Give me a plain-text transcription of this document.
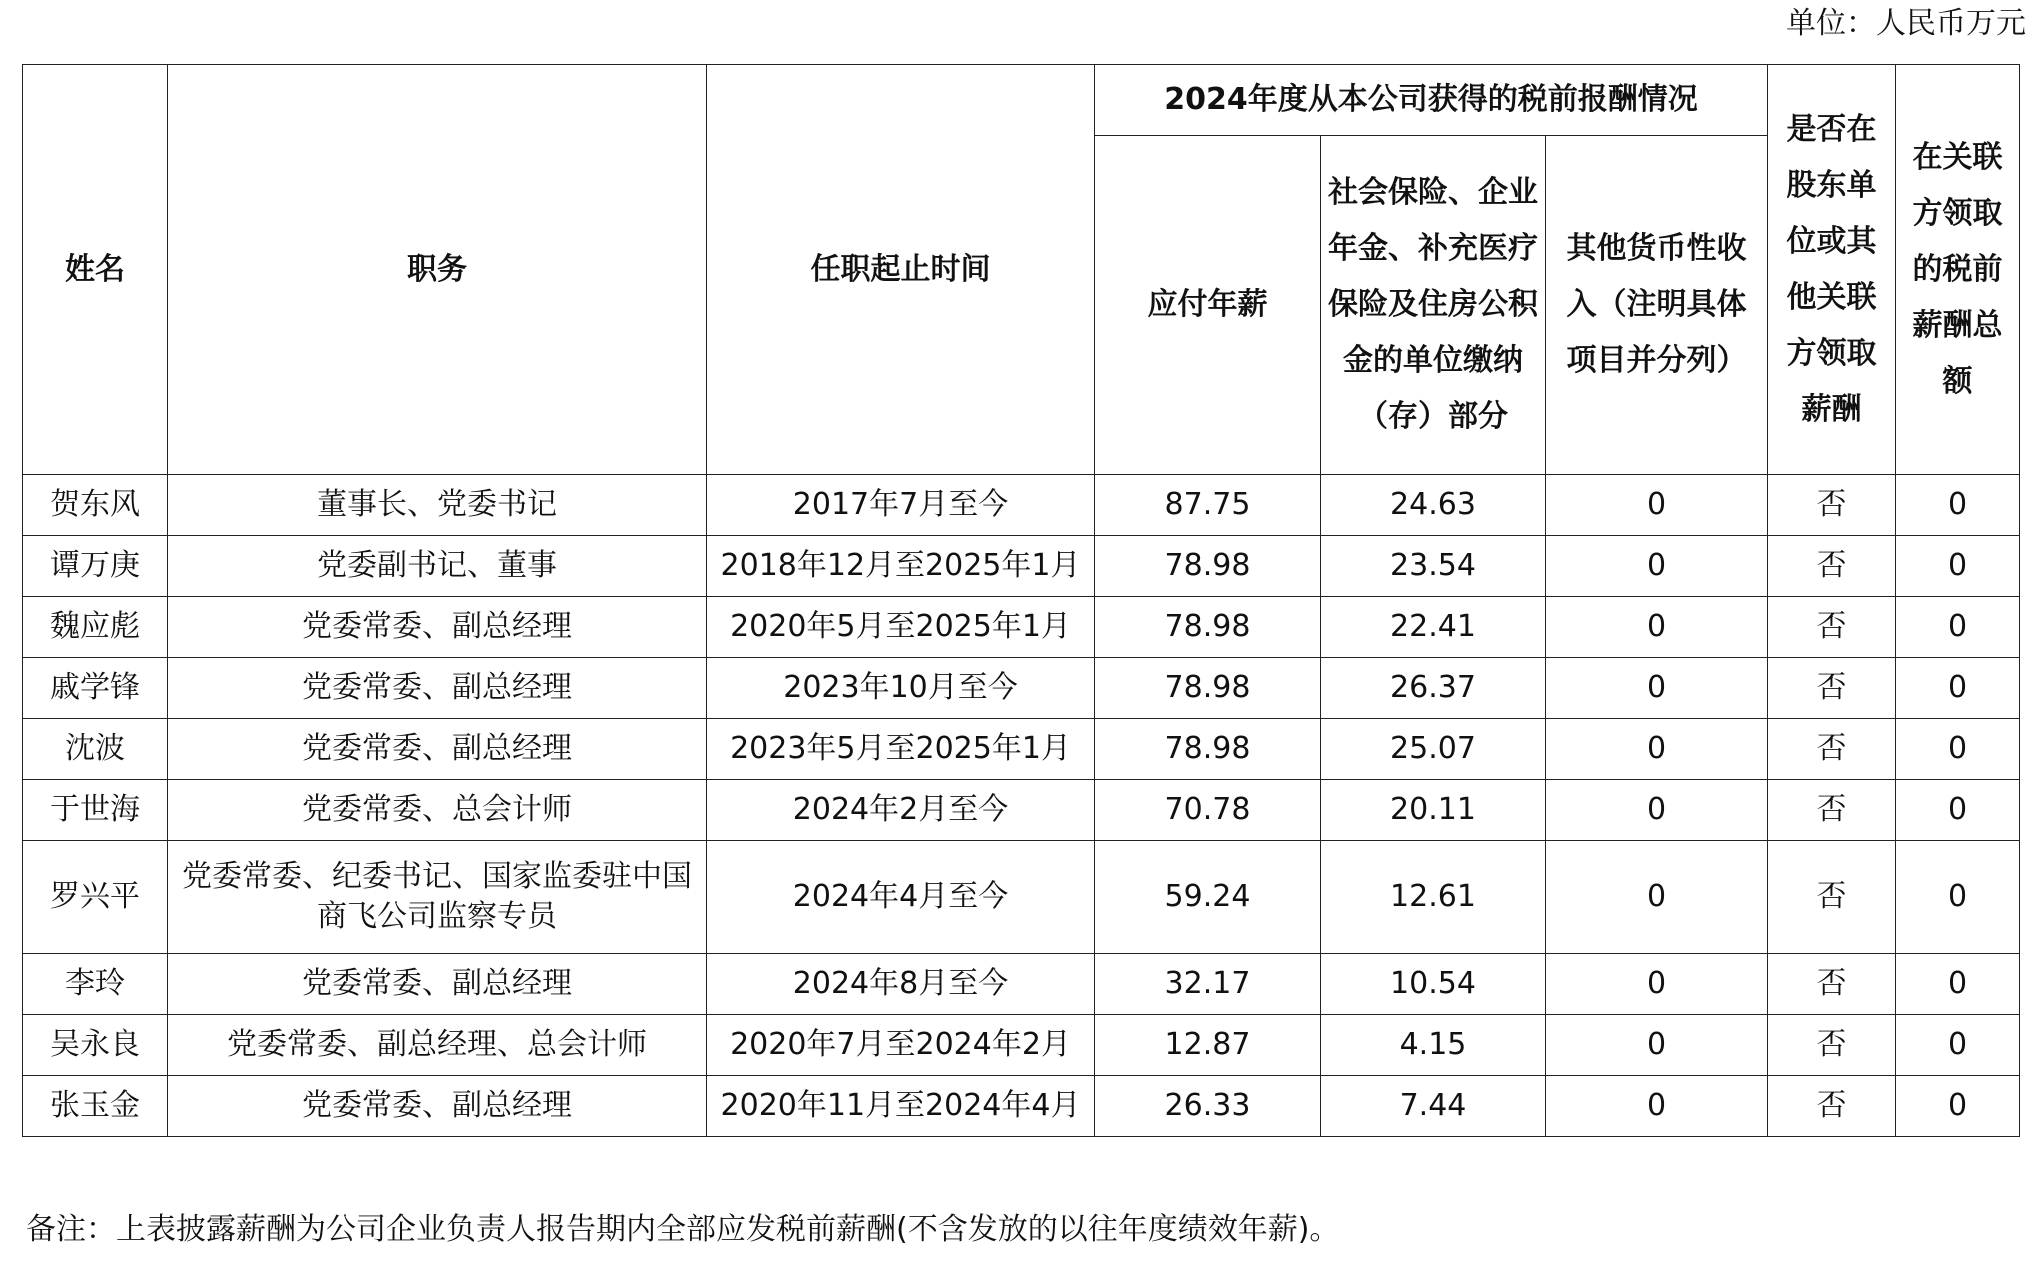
单位：人民币万元
姓名	职务	任职起止时间	2024年度从本公司获得的税前报酬情况			是否在股东单位或其他关联方领取薪酬	在关联方领取的税前薪酬总额
			应付年薪	社会保险、企业年金、补充医疗保险及住房公积金的单位缴纳（存）部分	其他货币性收入（注明具体项目并分列）		
贺东风	董事长、党委书记	2017年7月至今	87.75	24.63	0	否	0
谭万庚	党委副书记、董事	2018年12月至2025年1月	78.98	23.54	0	否	0
魏应彪	党委常委、副总经理	2020年5月至2025年1月	78.98	22.41	0	否	0
戚学锋	党委常委、副总经理	2023年10月至今	78.98	26.37	0	否	0
沈波	党委常委、副总经理	2023年5月至2025年1月	78.98	25.07	0	否	0
于世海	党委常委、总会计师	2024年2月至今	70.78	20.11	0	否	0
罗兴平	党委常委、纪委书记、国家监委驻中国商飞公司监察专员	2024年4月至今	59.24	12.61	0	否	0
李玲	党委常委、副总经理	2024年8月至今	32.17	10.54	0	否	0
吴永良	党委常委、副总经理、总会计师	2020年7月至2024年2月	12.87	4.15	0	否	0
张玉金	党委常委、副总经理	2020年11月至2024年4月	26.33	7.44	0	否	0
备注：上表披露薪酬为公司企业负责人报告期内全部应发税前薪酬(不含发放的以往年度绩效年薪)。
